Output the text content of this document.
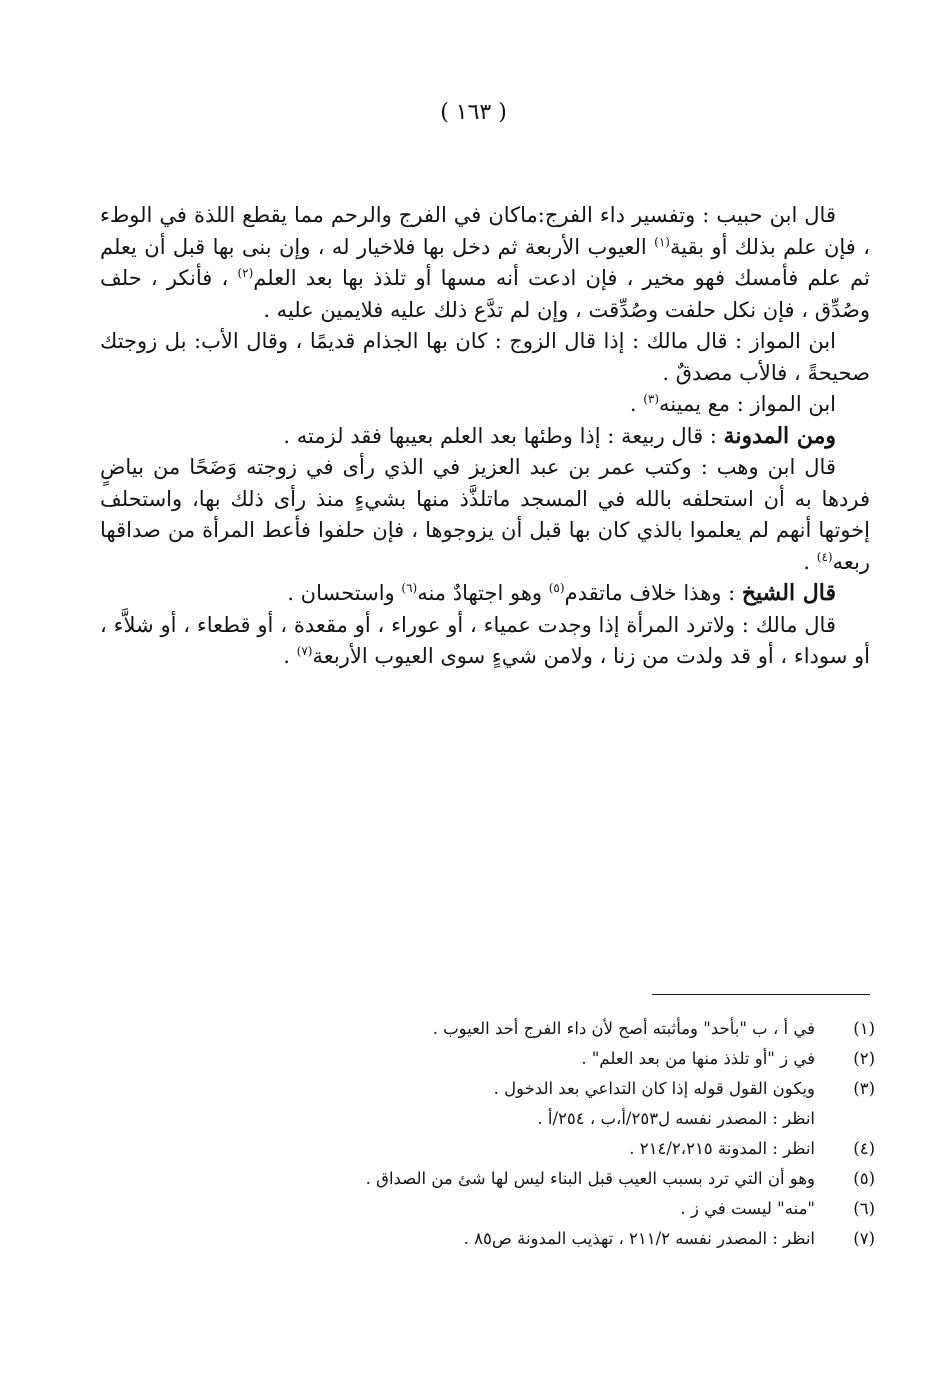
( ١٦٣ )

قال ابن حبيب : وتفسير داء الفرج:ماكان في الفرج والرحم مما يقطع اللذة في الوطء ، فإن علم بذلك أو بقية$^{(١)}$ العيوب الأربعة ثم دخل بها فلاخيار له ، وإن بنى بها قبل أن يعلم ثم علم فأمسك فهو مخير ، فإن ادعت أنه مسها أو تلذذ بها بعد العلم$^{(٢)}$ ، فأنكر ، حلف وصُدِّق ، فإن نكل حلفت وصُدِّقت ، وإن لم تدَّع ذلك عليه فلايمين عليه .

ابن المواز : قال مالك : إذا قال الزوج : كان بها الجذام قديمًا ، وقال الأب: بل زوجتك صحيحةً ، فالأب مصدقٌ .

ابن المواز : مع يمينه$^{(٣)}$ .

ومن المدونة : قال ربيعة : إذا وطئها بعد العلم بعيبها فقد لزمته .

قال ابن وهب : وكتب عمر بن عبد العزيز في الذي رأى في زوجته وَضَحًا من بياضٍ فردها به أن استحلفه بالله في المسجد ماتلذَّذ منها بشيءٍ منذ رأى ذلك بها، واستحلف إخوتها أنهم لم يعلموا بالذي كان بها قبل أن يزوجوها ، فإن حلفوا فأعط المرأة من صداقها ربعه$^{(٤)}$ .

قال الشيخ : وهذا خلاف ماتقدم$^{(٥)}$ وهو اجتهادٌ منه$^{(٦)}$ واستحسان .

قال مالك : ولاترد المرأة إذا وجدت عمياء ، أو عوراء ، أو مقعدة ، أو قطعاء ، أو شلاَّء ، أو سوداء ، أو قد ولدت من زنا ، ولامن شيءٍ سوى العيوب الأربعة$^{(٧)}$ .

(١)
في أ ، ب "بأحد" ومأثبته أصح لأن داء الفرج أحد العيوب .
(٢)
في ز "أو تلذذ منها من بعد العلم" .
(٣)
ويكون القول قوله إذا كان التداعي بعد الدخول .
انظر : المصدر نفسه ل٢٥٣/أ،ب ، ٢٥٤/أ .
(٤)
انظر : المدونة ٢١٤/٢،٢١٥ .
(٥)
وهو أن التي ترد بسبب العيب قبل البناء ليس لها شئ من الصداق .
(٦)
"منه" ليست في ز .
(٧)
انظر : المصدر نفسه ٢١١/٢ ، تهذيب المدونة ص٨٥ .
